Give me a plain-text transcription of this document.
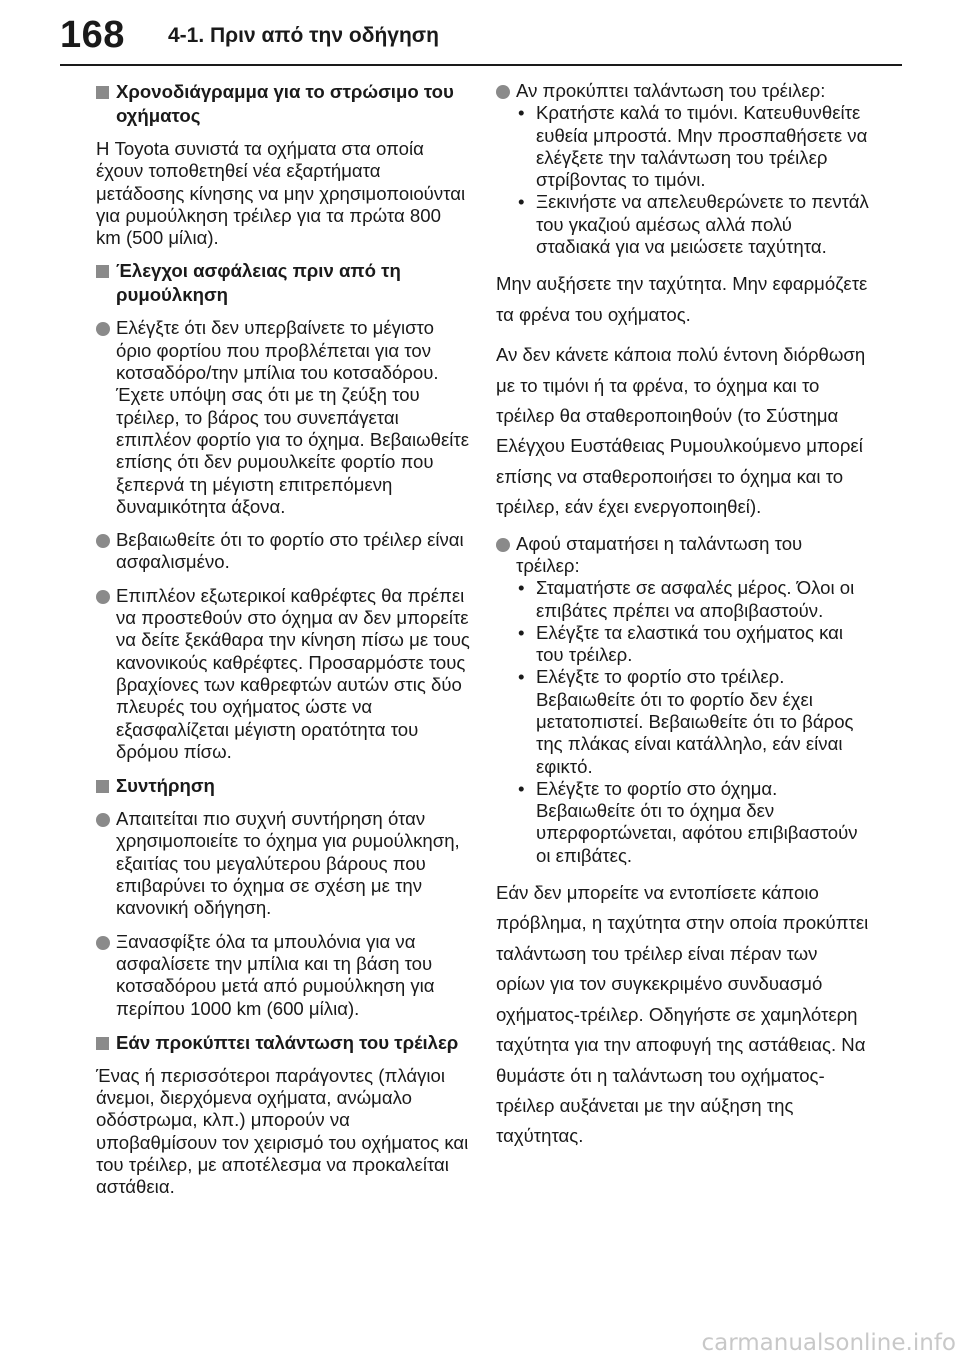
168 4-1. Πριν από την οδήγηση
Χρονοδιάγραμμα για το στρώσιμο του οχήματος
Η Toyota συνιστά τα οχήματα στα οποία έχουν τοποθετηθεί νέα εξαρτήματα μετάδοσης κίνησης να μην χρησιμοποιούνται για ρυμούλκηση τρέιλερ για τα πρώτα 800 km (500 μίλια).
Έλεγχοι ασφάλειας πριν από τη ρυμούλκηση
Ελέγξτε ότι δεν υπερβαίνετε το μέγιστο όριο φορτίου που προβλέπεται για τον κοτσαδόρο/την μπίλια του κοτσαδόρου. Έχετε υπόψη σας ότι με τη ζεύξη του τρέιλερ, το βάρος του συνεπάγεται επιπλέον φορτίο για το όχημα. Βεβαιωθείτε επίσης ότι δεν ρυμουλκείτε φορτίο που ξεπερνά τη μέγιστη επιτρεπόμενη δυναμικότητα άξονα.
Βεβαιωθείτε ότι το φορτίο στο τρέιλερ είναι ασφαλισμένο.
Επιπλέον εξωτερικοί καθρέφτες θα πρέπει να προστεθούν στο όχημα αν δεν μπορείτε να δείτε ξεκάθαρα την κίνηση πίσω με τους κανονικούς καθρέφτες. Προσαρμόστε τους βραχίονες των καθρεφτών αυτών στις δύο πλευρές του οχήματος ώστε να εξασφαλίζεται μέγιστη ορατότητα του δρόμου πίσω.
Συντήρηση
Απαιτείται πιο συχνή συντήρηση όταν χρησιμοποιείτε το όχημα για ρυμούλκηση, εξαιτίας του μεγαλύτερου βάρους που επιβαρύνει το όχημα σε σχέση με την κανονική οδήγηση.
Ξανασφίξτε όλα τα μπουλόνια για να ασφαλίσετε την μπίλια και τη βάση του κοτσαδόρου μετά από ρυμούλκηση για περίπου 1000 km (600 μίλια).
Εάν προκύπτει ταλάντωση του τρέιλερ
Ένας ή περισσότεροι παράγοντες (πλάγιοι άνεμοι, διερχόμενα οχήματα, ανώμαλο οδόστρωμα, κλπ.) μπορούν να υποβαθμίσουν τον χειρισμό του οχήματος και του τρέιλερ, με αποτέλεσμα να προκαλείται αστάθεια.
Αν προκύπτει ταλάντωση του τρέιλερ:
• Κρατήστε καλά το τιμόνι. Κατευθυνθείτε ευθεία μπροστά. Μην προσπαθήσετε να ελέγξετε την ταλάντωση του τρέιλερ στρίβοντας το τιμόνι.
• Ξεκινήστε να απελευθερώνετε το πεντάλ του γκαζιού αμέσως αλλά πολύ σταδιακά για να μειώσετε ταχύτητα.
Μην αυξήσετε την ταχύτητα. Μην εφαρμόζετε τα φρένα του οχήματος.
Αν δεν κάνετε κάποια πολύ έντονη διόρθωση με το τιμόνι ή τα φρένα, το όχημα και το τρέιλερ θα σταθεροποιηθούν (το Σύστημα Ελέγχου Ευστάθειας Ρυμουλκούμενο μπορεί επίσης να σταθεροποιήσει το όχημα και το τρέιλερ, εάν έχει ενεργοποιηθεί).
Αφού σταματήσει η ταλάντωση του τρέιλερ:
• Σταματήστε σε ασφαλές μέρος. Όλοι οι επιβάτες πρέπει να αποβιβαστούν.
• Ελέγξτε τα ελαστικά του οχήματος και του τρέιλερ.
• Ελέγξτε το φορτίο στο τρέιλερ. Βεβαιωθείτε ότι το φορτίο δεν έχει μετατοπιστεί. Βεβαιωθείτε ότι το βάρος της πλάκας είναι κατάλληλο, εάν είναι εφικτό.
• Ελέγξτε το φορτίο στο όχημα. Βεβαιωθείτε ότι το όχημα δεν υπερφορτώνεται, αφότου επιβιβαστούν οι επιβάτες.
Εάν δεν μπορείτε να εντοπίσετε κάποιο πρόβλημα, η ταχύτητα στην οποία προκύπτει ταλάντωση του τρέιλερ είναι πέραν των ορίων για τον συγκεκριμένο συνδυασμό οχήματος-τρέιλερ. Οδηγήστε σε χαμηλότερη ταχύτητα για την αποφυγή της αστάθειας. Να θυμάστε ότι η ταλάντωση του οχήματος-τρέιλερ αυξάνεται με την αύξηση της ταχύτητας.
carmanualsonline.info
